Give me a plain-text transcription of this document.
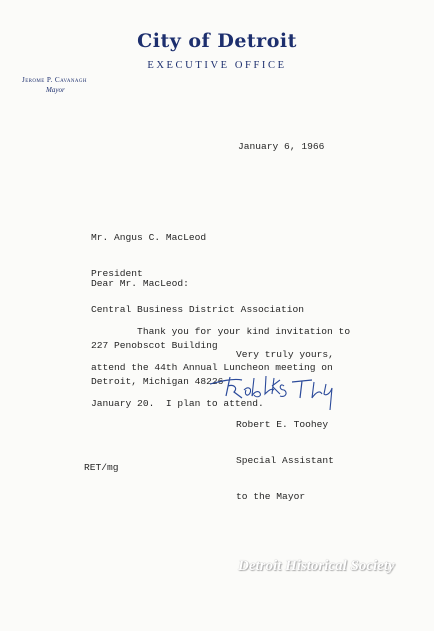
City of Detroit
EXECUTIVE OFFICE
Jerome P. Cavanagh
Mayor
January 6, 1966

Mr. Angus C. MacLeod

President

Central Business District Association

227 Penobscot Building

Detroit, Michigan 48226

Dear Mr. MacLeod:

Thank you for your kind invitation to

attend the 44th Annual Luncheon meeting on

January 20.  I plan to attend.

Very truly yours,

Robert E. Toohey

Special Assistant

to the Mayor

RET/mg
Detroit Historical Society
